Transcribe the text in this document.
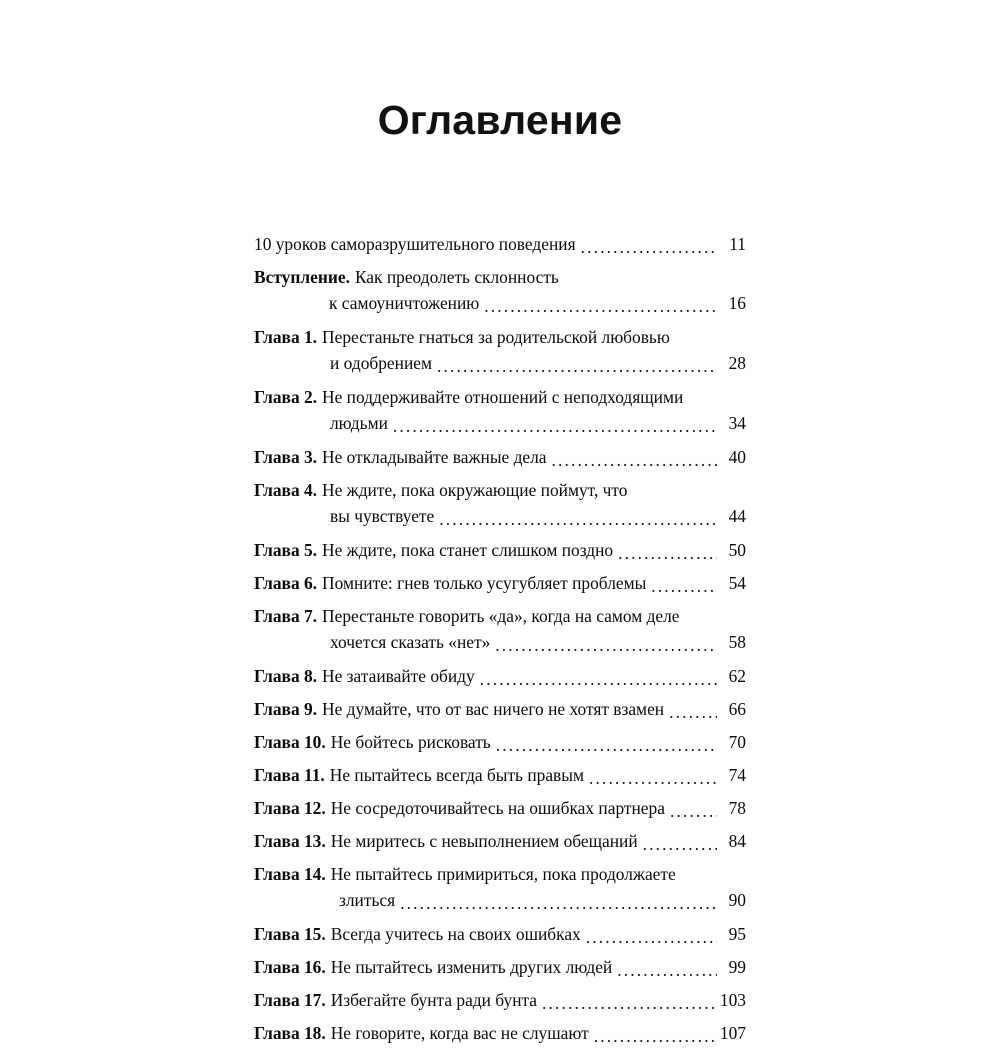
Оглавление
10 уроков саморазрушительного поведения . . .	11
Вступление. Как преодолеть склонность
к самоуничтожению . . .	16
Глава 1. Перестаньте гнаться за родительской любовью
и одобрением . . .	28
Глава 2. Не поддерживайте отношений с неподходящими
людьми . . .	34
Глава 3. Не откладывайте важные дела . . .	40
Глава 4. Не ждите, пока окружающие поймут, что
вы чувствуете . . .	44
Глава 5. Не ждите, пока станет слишком поздно . . .	50
Глава 6. Помните: гнев только усугубляет проблемы . . .	54
Глава 7. Перестаньте говорить «да», когда на самом деле
хочется сказать «нет» . . .	58
Глава 8. Не затаивайте обиду . . .	62
Глава 9. Не думайте, что от вас ничего не хотят взамен . . .	66
Глава 10. Не бойтесь рисковать . . .	70
Глава 11. Не пытайтесь всегда быть правым . . .	74
Глава 12. Не сосредоточивайтесь на ошибках партнера . . .	78
Глава 13. Не миритесь с невыполнением обещаний . . .	84
Глава 14. Не пытайтесь примириться, пока продолжаете
злиться . . .	90
Глава 15. Всегда учитесь на своих ошибках . . .	95
Глава 16. Не пытайтесь изменить других людей . . .	99
Глава 17. Избегайте бунта ради бунта . . .	103
Глава 18. Не говорите, когда вас не слушают . . .	107
